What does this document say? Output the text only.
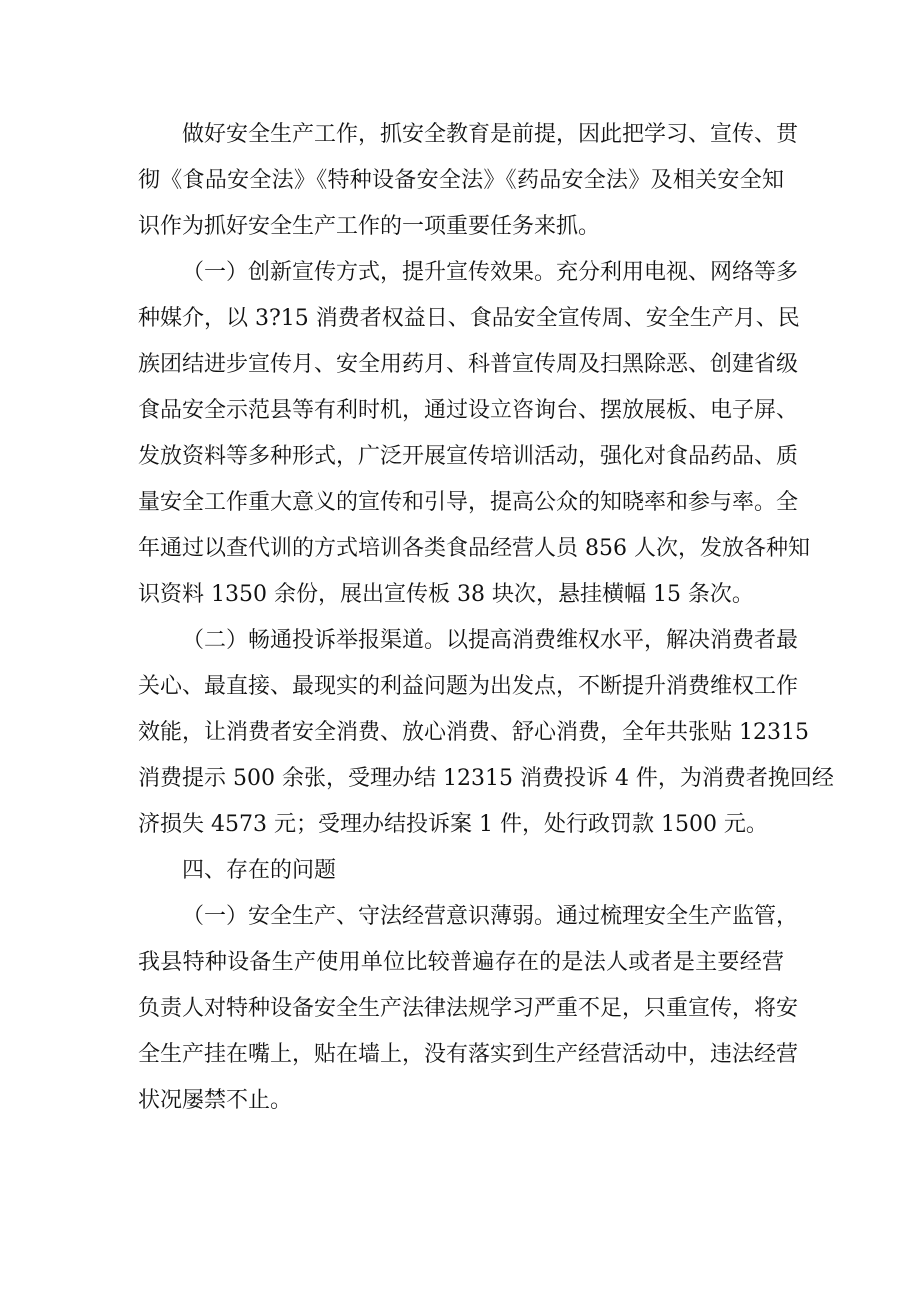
做好安全生产工作，抓安全教育是前提，因此把学习、宣传、贯
彻《食品安全法》《特种设备安全法》《药品安全法》及相关安全知
识作为抓好安全生产工作的一项重要任务来抓。
（一）创新宣传方式，提升宣传效果。充分利用电视、网络等多
种媒介，以 3?15 消费者权益日、食品安全宣传周、安全生产月、民
族团结进步宣传月、安全用药月、科普宣传周及扫黑除恶、创建省级
食品安全示范县等有利时机，通过设立咨询台、摆放展板、电子屏、
发放资料等多种形式，广泛开展宣传培训活动，强化对食品药品、质
量安全工作重大意义的宣传和引导，提高公众的知晓率和参与率。全
年通过以查代训的方式培训各类食品经营人员 856 人次，发放各种知
识资料 1350 余份，展出宣传板 38 块次，悬挂横幅 15 条次。
（二）畅通投诉举报渠道。以提高消费维权水平，解决消费者最
关心、最直接、最现实的利益问题为出发点，不断提升消费维权工作
效能，让消费者安全消费、放心消费、舒心消费，全年共张贴 12315
消费提示 500 余张，受理办结 12315 消费投诉 4 件，为消费者挽回经
济损失 4573 元；受理办结投诉案 1 件，处行政罚款 1500 元。
四、存在的问题
（一）安全生产、守法经营意识薄弱。通过梳理安全生产监管，
我县特种设备生产使用单位比较普遍存在的是法人或者是主要经营
负责人对特种设备安全生产法律法规学习严重不足，只重宣传，将安
全生产挂在嘴上，贴在墙上，没有落实到生产经营活动中，违法经营
状况屡禁不止。
